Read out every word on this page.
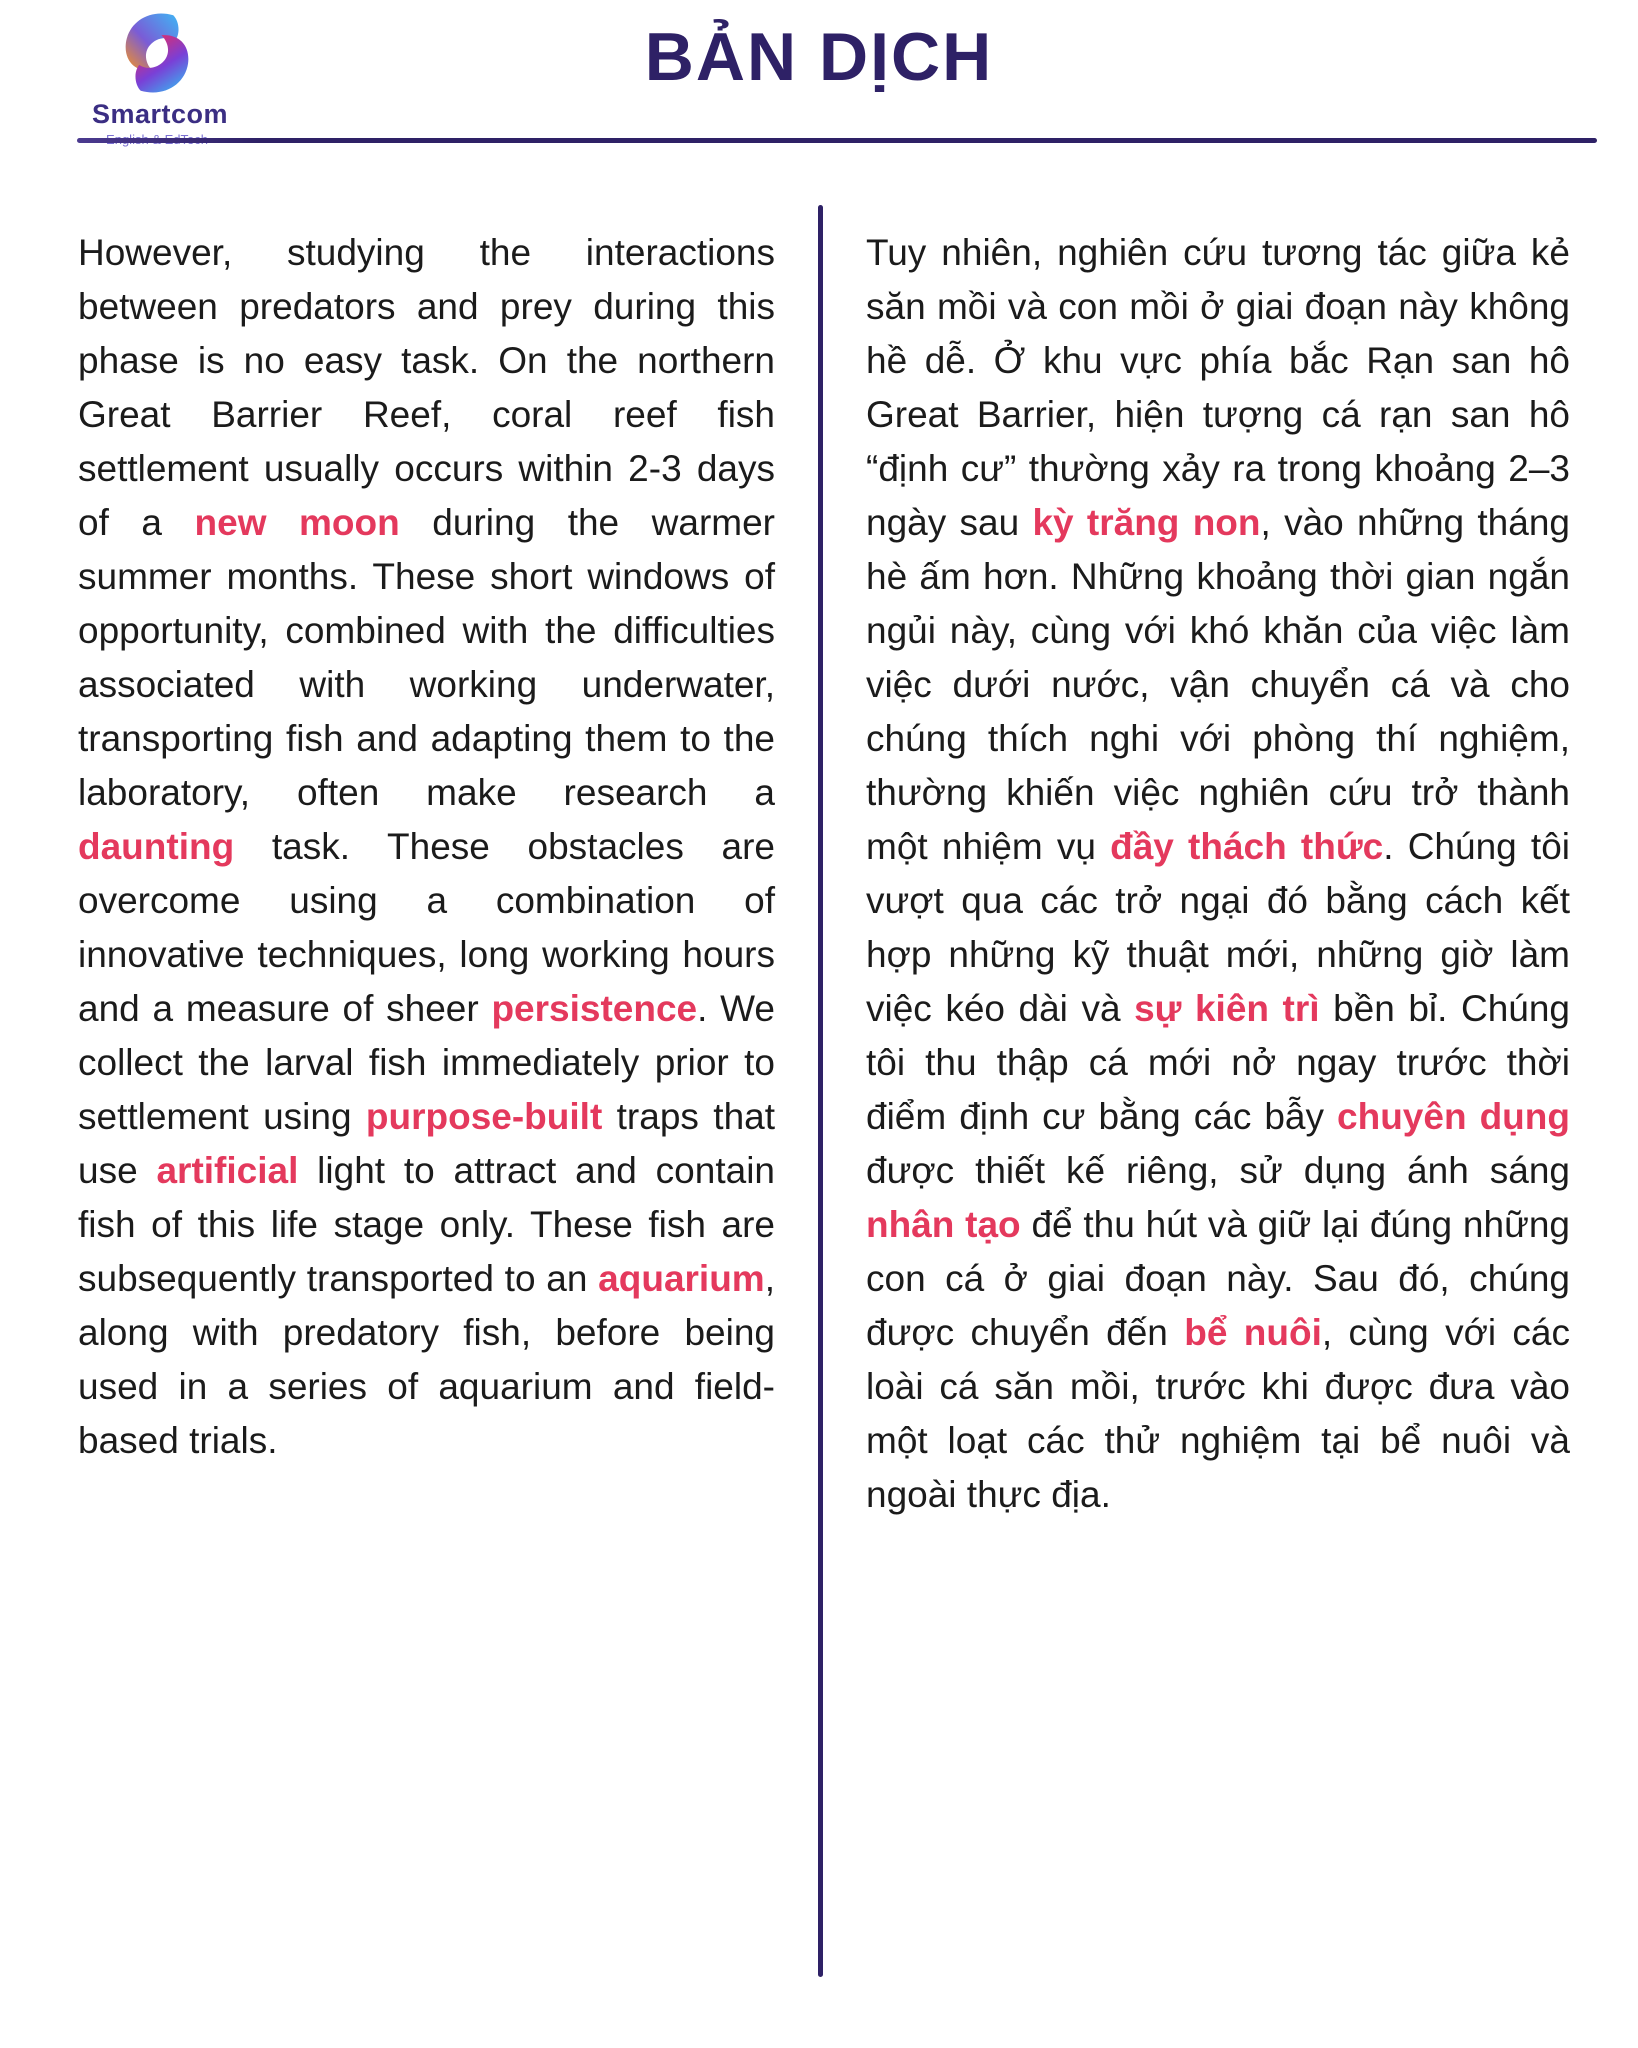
Smartcom
BẢN DỊCH

However, studying the interactions between predators and prey during this phase is no easy task. On the northern Great Barrier Reef, coral reef fish settlement usually occurs within 2-3 days of a new moon during the warmer summer months. These short windows of opportunity, combined with the difficulties associated with working underwater, transporting fish and adapting them to the laboratory, often make research a daunting task. These obstacles are overcome using a combination of innovative techniques, long working hours and a measure of sheer persistence. We collect the larval fish immediately prior to settlement using purpose-built traps that use artificial light to attract and contain fish of this life stage only. These fish are subsequently transported to an aquarium, along with predatory fish, before being used in a series of aquarium and field-based trials.

Tuy nhiên, nghiên cứu tương tác giữa kẻ săn mồi và con mồi ở giai đoạn này không hề dễ. Ở khu vực phía bắc Rạn san hô Great Barrier, hiện tượng cá rạn san hô “định cư” thường xảy ra trong khoảng 2–3 ngày sau kỳ trăng non, vào những tháng hè ấm hơn. Những khoảng thời gian ngắn ngủi này, cùng với khó khăn của việc làm việc dưới nước, vận chuyển cá và cho chúng thích nghi với phòng thí nghiệm, thường khiến việc nghiên cứu trở thành một nhiệm vụ đầy thách thức. Chúng tôi vượt qua các trở ngại đó bằng cách kết hợp những kỹ thuật mới, những giờ làm việc kéo dài và sự kiên trì bền bỉ. Chúng tôi thu thập cá mới nở ngay trước thời điểm định cư bằng các bẫy chuyên dụng được thiết kế riêng, sử dụng ánh sáng nhân tạo để thu hút và giữ lại đúng những con cá ở giai đoạn này. Sau đó, chúng được chuyển đến bể nuôi, cùng với các loài cá săn mồi, trước khi được đưa vào một loạt các thử nghiệm tại bể nuôi và ngoài thực địa.
